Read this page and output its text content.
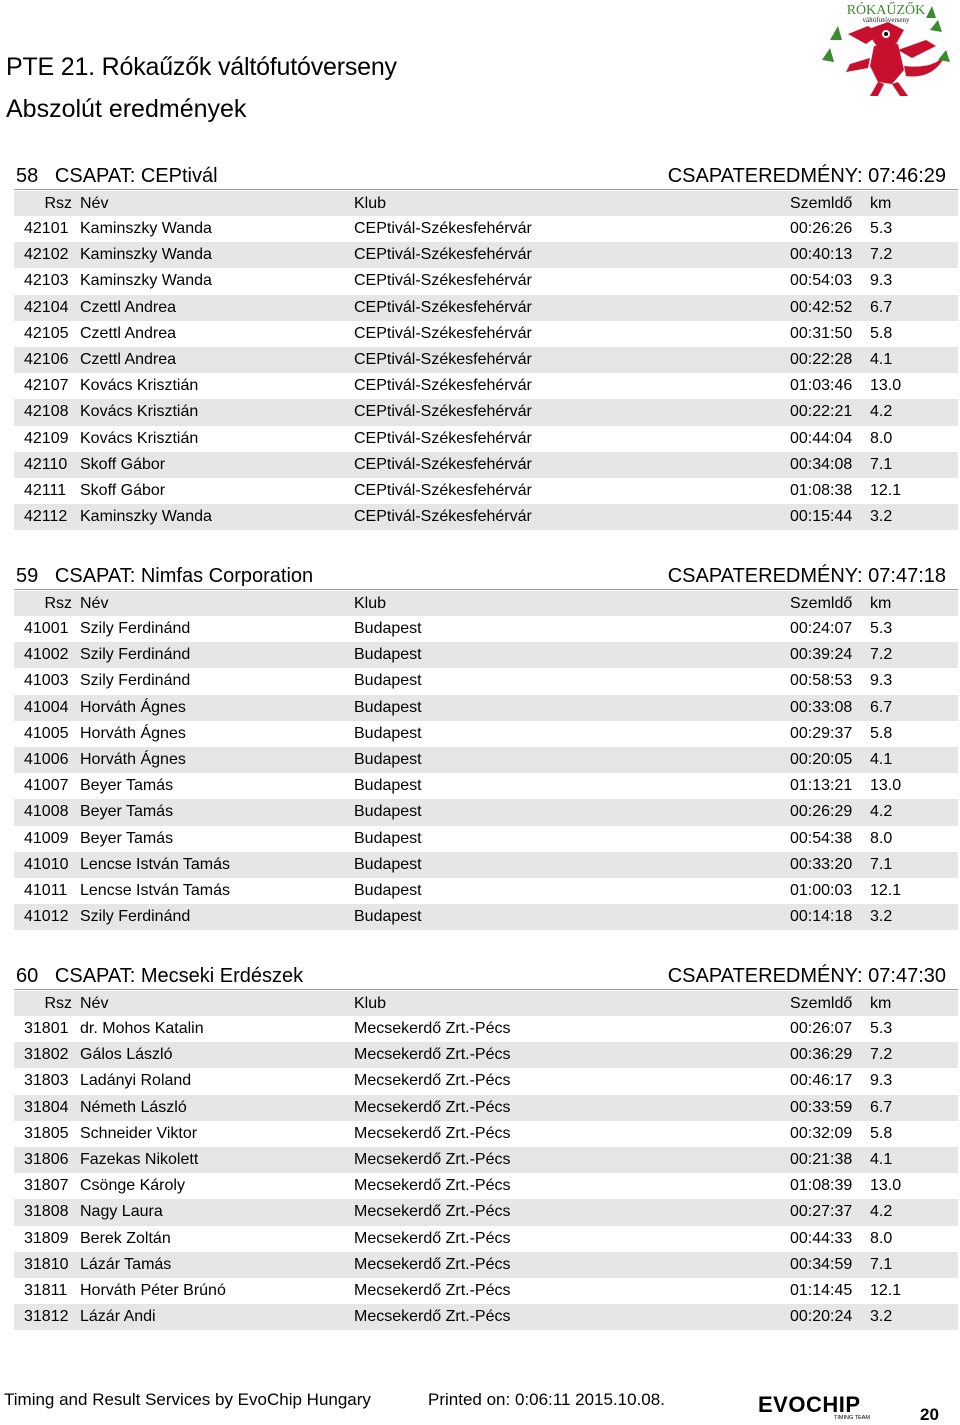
PTE 21. Rókaűzők váltófutóverseny
Abszolút eredmények
RÓKAŰZŐK
váltófutóverseny
58   CSAPAT: CEPtivál	CSAPATEREDMÉNY: 07:46:29
Rsz Név	Klub	Szemldő km
42101 Kaminszky Wanda	CEPtivál-Székesfehérvár	00:26:26 5.3
42102 Kaminszky Wanda	CEPtivál-Székesfehérvár	00:40:13 7.2
42103 Kaminszky Wanda	CEPtivál-Székesfehérvár	00:54:03 9.3
42104 Czettl Andrea	CEPtivál-Székesfehérvár	00:42:52 6.7
42105 Czettl Andrea	CEPtivál-Székesfehérvár	00:31:50 5.8
42106 Czettl Andrea	CEPtivál-Székesfehérvár	00:22:28 4.1
42107 Kovács Krisztián	CEPtivál-Székesfehérvár	01:03:46 13.0
42108 Kovács Krisztián	CEPtivál-Székesfehérvár	00:22:21 4.2
42109 Kovács Krisztián	CEPtivál-Székesfehérvár	00:44:04 8.0
42110 Skoff Gábor	CEPtivál-Székesfehérvár	00:34:08 7.1
42111 Skoff Gábor	CEPtivál-Székesfehérvár	01:08:38 12.1
42112 Kaminszky Wanda	CEPtivál-Székesfehérvár	00:15:44 3.2
59   CSAPAT: Nimfas Corporation	CSAPATEREDMÉNY: 07:47:18
Rsz Név	Klub	Szemldő km
41001 Szily Ferdinánd	Budapest	00:24:07 5.3
41002 Szily Ferdinánd	Budapest	00:39:24 7.2
41003 Szily Ferdinánd	Budapest	00:58:53 9.3
41004 Horváth Ágnes	Budapest	00:33:08 6.7
41005 Horváth Ágnes	Budapest	00:29:37 5.8
41006 Horváth Ágnes	Budapest	00:20:05 4.1
41007 Beyer Tamás	Budapest	01:13:21 13.0
41008 Beyer Tamás	Budapest	00:26:29 4.2
41009 Beyer Tamás	Budapest	00:54:38 8.0
41010 Lencse István Tamás	Budapest	00:33:20 7.1
41011 Lencse István Tamás	Budapest	01:00:03 12.1
41012 Szily Ferdinánd	Budapest	00:14:18 3.2
60   CSAPAT: Mecseki Erdészek	CSAPATEREDMÉNY: 07:47:30
Rsz Név	Klub	Szemldő km
31801 dr. Mohos Katalin	Mecsekerdő Zrt.-Pécs	00:26:07 5.3
31802 Gálos László	Mecsekerdő Zrt.-Pécs	00:36:29 7.2
31803 Ladányi Roland	Mecsekerdő Zrt.-Pécs	00:46:17 9.3
31804 Németh László	Mecsekerdő Zrt.-Pécs	00:33:59 6.7
31805 Schneider Viktor	Mecsekerdő Zrt.-Pécs	00:32:09 5.8
31806 Fazekas Nikolett	Mecsekerdő Zrt.-Pécs	00:21:38 4.1
31807 Csönge Károly	Mecsekerdő Zrt.-Pécs	01:08:39 13.0
31808 Nagy Laura	Mecsekerdő Zrt.-Pécs	00:27:37 4.2
31809 Berek Zoltán	Mecsekerdő Zrt.-Pécs	00:44:33 8.0
31810 Lázár Tamás	Mecsekerdő Zrt.-Pécs	00:34:59 7.1
31811 Horváth Péter Brúnó	Mecsekerdő Zrt.-Pécs	01:14:45 12.1
31812 Lázár Andi	Mecsekerdő Zrt.-Pécs	00:20:24 3.2
Timing and Result Services by EvoChip Hungary	Printed on: 0:06:11 2015.10.08.	EVOCHIP
TIMING TEAM	20
